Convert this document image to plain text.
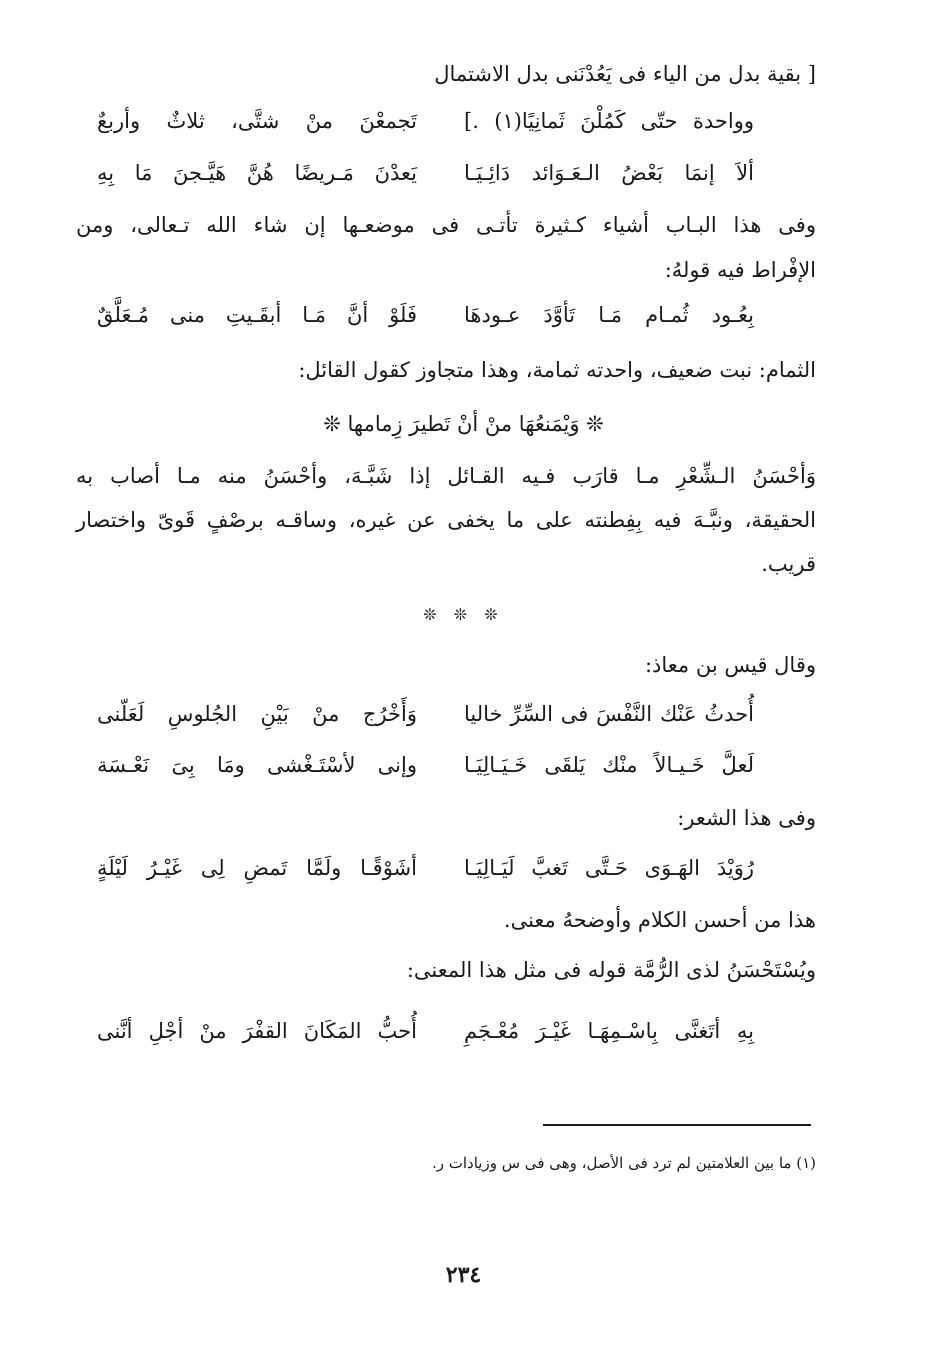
[ بقية بدل من الياء فى يَعُدْنَنى بدل الاشتمال
تَجمعْنَ منْ شتَّى، ثلاثٌ وأربعٌ وواحدة حتّى كَمُلْنَ ثَمانِيًا(١) .]
يَعدْنَ مَـريضًا هُنَّ هَيَّـجنَ مَا بِهِ ألاَ إنمَا بَعْضُ الـعَـوَائد دَائِـيَـا
وفى هذا البـاب أشياء كـثيرة تأتـى فى موضعـها إن شاء الله تـعالى، ومن
الإفْراط فيه قولهُ:
فَلَوْ أنَّ مَـا أبقَـيتِ منى مُـعَلَّقٌ بِعُـود ثُمـام مَـا تَأوَّدَ عـودهَا
الثمام: نبت ضعيف، واحدته ثمامة، وهذا متجاوز كقول القائل:
❊ وَيْمَنعُهَا منْ أنْ تَطيرَ زِمامها ❊
وَأحْسَنُ الـشِّعْرِ مـا قارَب فـيه القـائل إذا شَبَّـهَ، وأحْسَنُ منه مـا أصاب به
الحقيقة، ونبَّـهَ فيه بِفِطنته على ما يخفى عن غيره، وساقـه برصْفٍ قَوىّ واختصار
قريب.
❊ ❊ ❊
وقال قيس بن معاذ:
وَأَخْرُج منْ بَيْنِ الجُلوسِ لَعَلّنى أُحدثُ عَنْك النَّفْسَ فى السِّرِّ خاليا
وإنى لأسْتَـغْشى ومَا بِىَ نَعْـسَة لَعلَّ خَـيـالاً منْك يَلقَى خَـيَـالِيَـا
وفى هذا الشعر:
أشَوْقًـا ولَمَّا تَمضِ لِى غَيْـرُ لَيْلَةٍ رُوَيْدَ الهَـوَى حَـتَّى تَغبَّ لَيَـالِيَـا
هذا من أحسن الكلام وأوضحهُ معنى.
ويُسْتَحْسَنُ لذى الرُّمَّة قوله فى مثل هذا المعنى:
أُحبُّ المَكَانَ القفْرَ منْ أجْلِ أنَّنى بِهِ أتَغنَّى بِاسْـمِهَـا غَيْـرَ مُعْـجَمِ
(١) ما بين العلامتين لم ترد فى الأصل، وهى فى س وزيادات ر.
٢٣٤
